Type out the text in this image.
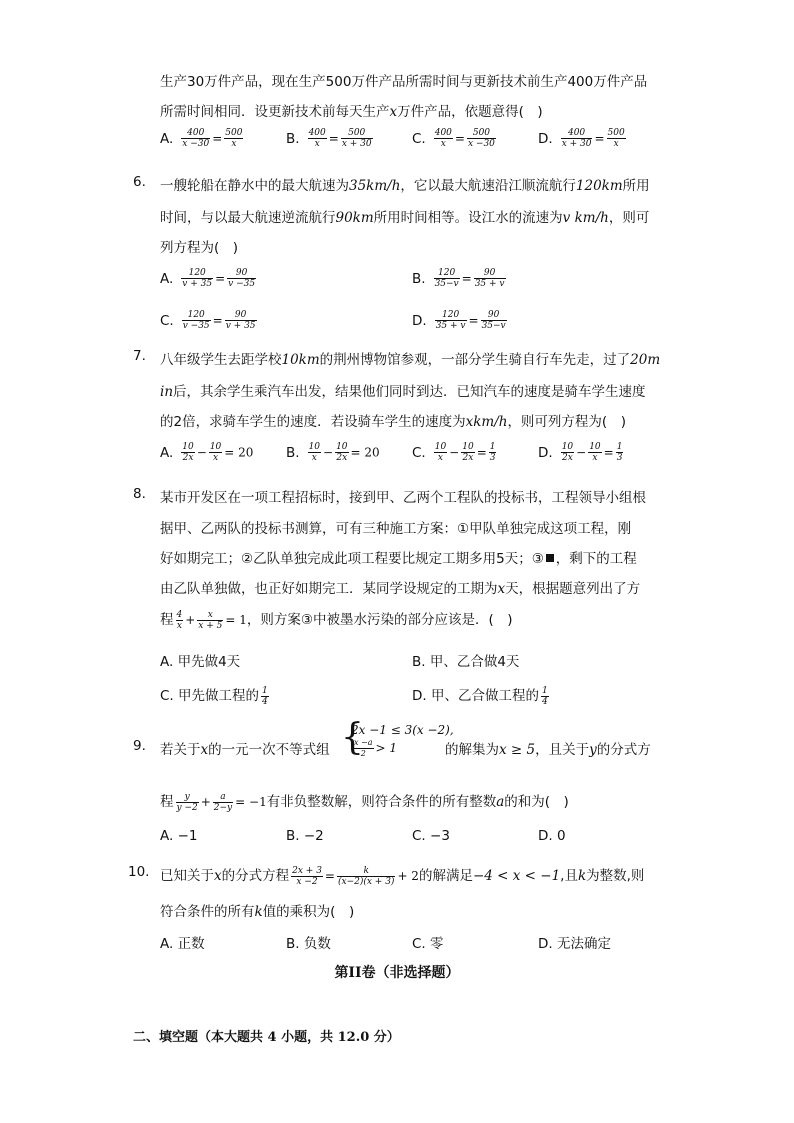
生产30万件产品，现在生产500万件产品所需时间与更新技术前生产400万件产品
所需时间相同．设更新技术前每天生产x万件产品，依题意得(　)
A. $\frac{400}{x -30} = \frac{500}{x}$	B. $\frac{400}{x} = \frac{500}{x + 30}$	C. $\frac{400}{x} = \frac{500}{x -30}$	D. $\frac{400}{x + 30} = \frac{500}{x}$
6. 一艘轮船在静水中的最大航速为35km/h，它以最大航速沿江顺流航行120km所用
时间，与以最大航速逆流航行90km所用时间相等。设江水的流速为v km/h，则可
列方程为(　)
A. $\frac{120}{v + 35} = \frac{90}{v -35}$	B. $\frac{120}{35-v} = \frac{90}{35 + v}$
C. $\frac{120}{v -35} = \frac{90}{v + 35}$	D. $\frac{120}{35 + v} = \frac{90}{35-v}$
7. 八年级学生去距学校10km的荆州博物馆参观，一部分学生骑自行车先走，过了20m
in后，其余学生乘汽车出发，结果他们同时到达．已知汽车的速度是骑车学生速度
的2倍，求骑车学生的速度．若设骑车学生的速度为xkm/h，则可列方程为(　)
A. $\frac{10}{2x} - \frac{10}{x} = 20$ B. $\frac{10}{x} - \frac{10}{2x} = 20$ C. $\frac{10}{x} - \frac{10}{2x} = \frac{1}{3}$	D. $\frac{10}{2x} - \frac{10}{x} = \frac{1}{3}$
8. 某市开发区在一项工程招标时，接到甲、乙两个工程队的投标书，工程领导小组根
据甲、乙两队的投标书测算，可有三种施工方案：①甲队单独完成这项工程，刚
好如期完工；②乙队单独完成此项工程要比规定工期多用5天；③ ，剩下的工程
由乙队单独做，也正好如期完工．某同学设规定的工期为x天，根据题意列出了方
程 $\frac{4}{x} + \frac{x}{x + 5} = 1$，则方案③中被墨水污染的部分应该是．(　)
A. 甲先做4天	B. 甲、乙合做4天
C. 甲先做工程的 $\frac{1}{4}$	D. 甲、乙合做工程的 $\frac{1}{4}$
9. 若关于x的一元一次不等式组
{ 2x −1 ≤ 3(x −2),
$\frac{x -a}{2} > 1$	的解集为x ≥ 5，且关于y的分式方
程 $\frac{y}{y -2} + \frac{a}{2-y} = -1$有非负整数解，则符合条件的所有整数a的和为(　)
A. −1	B. −2	C. −3	D. 0
10. 已知关于x的分式方程 $\frac{2x + 3}{x -2} = \frac{k}{(x-2)(x + 3)} + 2$的解满足−4 < x < −1,且k为整数,则
符合条件的所有k值的乘积为(　)
A. 正数	B. 负数	C. 零	D. 无法确定
第II卷（非选择题）
二、填空题（本大题共 4 小题，共 12.0 分）
